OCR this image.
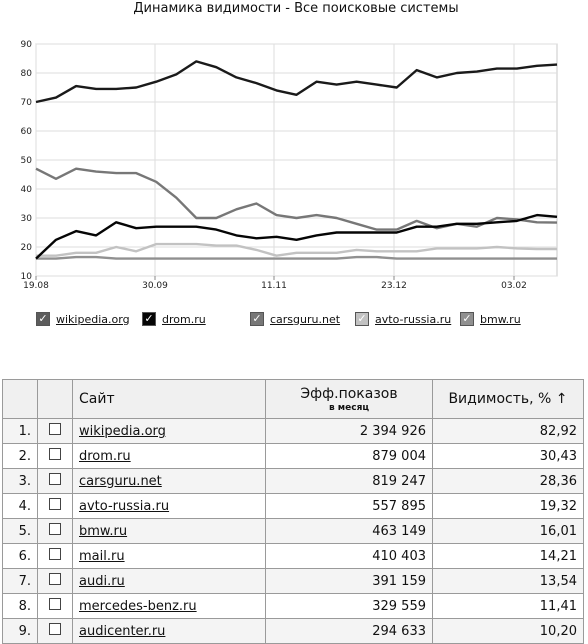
Динамика видимости - Все поисковые системы
10
20
30
40
50
60
70
80
90
19.08	30.09	11.11	23.12	03.02
✓ wikipedia.org ✓ drom.ru	✓ carsguru.net ✓ avto-russia.ru ✓ bmw.ru
		Сайт	Эфф.показов
в месяц	Видимость, % ↑
1.		wikipedia.org	2 394 926	82,92
2.		drom.ru	879 004	30,43
3.		carsguru.net	819 247	28,36
4.		avto-russia.ru	557 895	19,32
5.		bmw.ru	463 149	16,01
6.		mail.ru	410 403	14,21
7.		audi.ru	391 159	13,54
8.		mercedes-benz.ru	329 559	11,41
9.		audicenter.ru	294 633	10,20
